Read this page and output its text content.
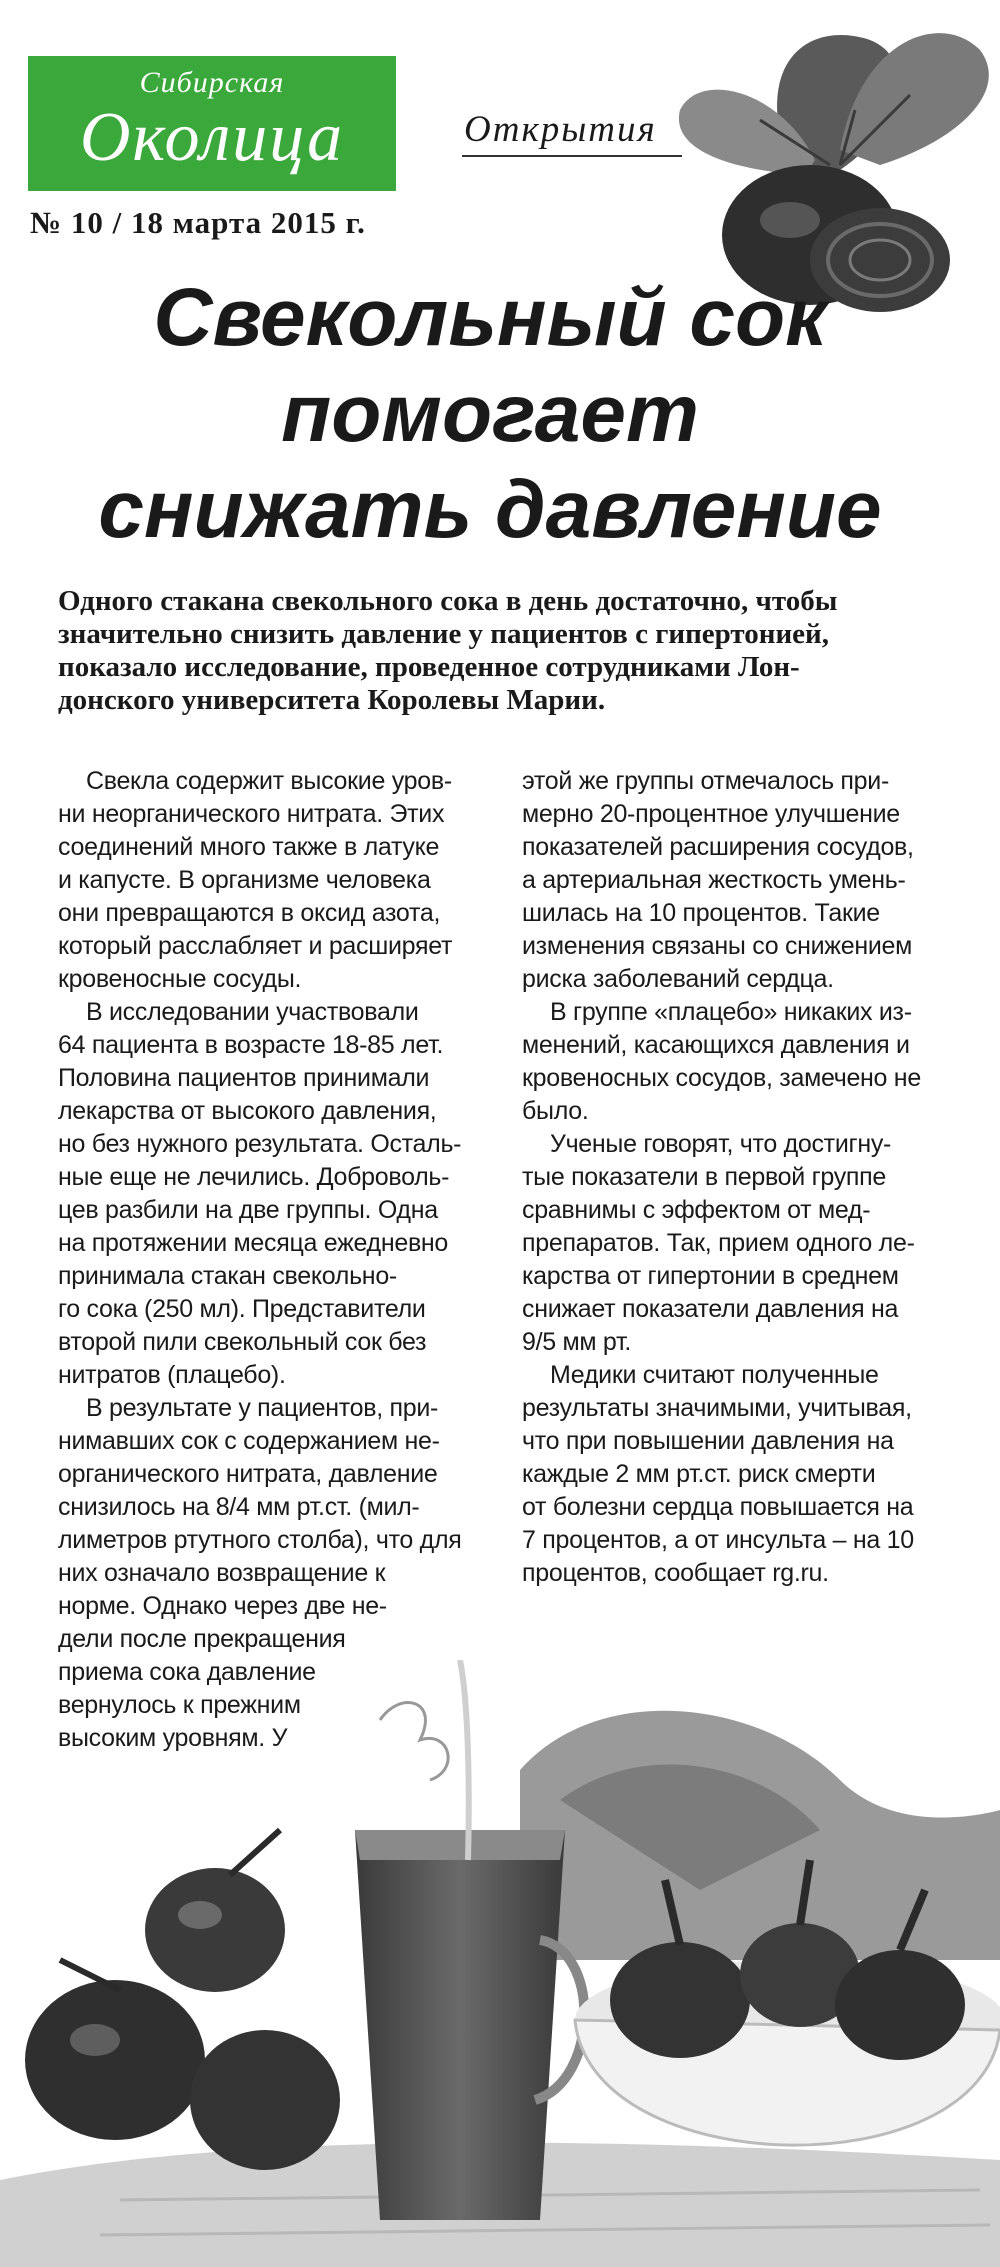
Сибирская
Околица
№ 10 / 18 марта 2015 г.
Открытия
Свекольный сок
помогает
снижать давление
Одного стакана свекольного сока в день достаточно, чтобы
значительно снизить давление у пациентов с гипертонией,
показало исследование, проведенное сотрудниками Лон-
донского университета Королевы Марии.
Свекла содержит высокие уров-
ни неорганического нитрата. Этих
соединений много также в латуке
и капусте. В организме человека
они превращаются в оксид азота,
который расслабляет и расширяет
кровеносные сосуды.
В исследовании участвовали
64 пациента в возрасте 18-85 лет.
Половина пациентов принимали
лекарства от высокого давления,
но без нужного результата. Осталь-
ные еще не лечились. Доброволь-
цев разбили на две группы. Одна
на протяжении месяца ежедневно
принимала стакан свекольно-
го сока (250 мл). Представители
второй пили свекольный сок без
нитратов (плацебо).
В результате у пациентов, при-
нимавших сок с содержанием не-
органического нитрата, давление
снизилось на 8/4 мм рт.ст. (мил-
лиметров ртутного столба), что для
них означало возвращение к
норме. Однако через две не-
дели после прекращения
приема сока давление
вернулось к прежним
высоким уровням. У
этой же группы отмечалось при-
мерно 20-процентное улучшение
показателей расширения сосудов,
а артериальная жесткость умень-
шилась на 10 процентов. Такие
изменения связаны со снижением
риска заболеваний сердца.
В группе «плацебо» никаких из-
менений, касающихся давления и
кровеносных сосудов, замечено не
было.
Ученые говорят, что достигну-
тые показатели в первой группе
сравнимы с эффектом от мед-
препаратов. Так, прием одного ле-
карства от гипертонии в среднем
снижает показатели давления на
9/5 мм рт.
Медики считают полученные
результаты значимыми, учитывая,
что при повышении давления на
каждые 2 мм рт.ст. риск смерти
от болезни сердца повышается на
7 процентов, а от инсульта – на 10
процентов, сообщает rg.ru.
